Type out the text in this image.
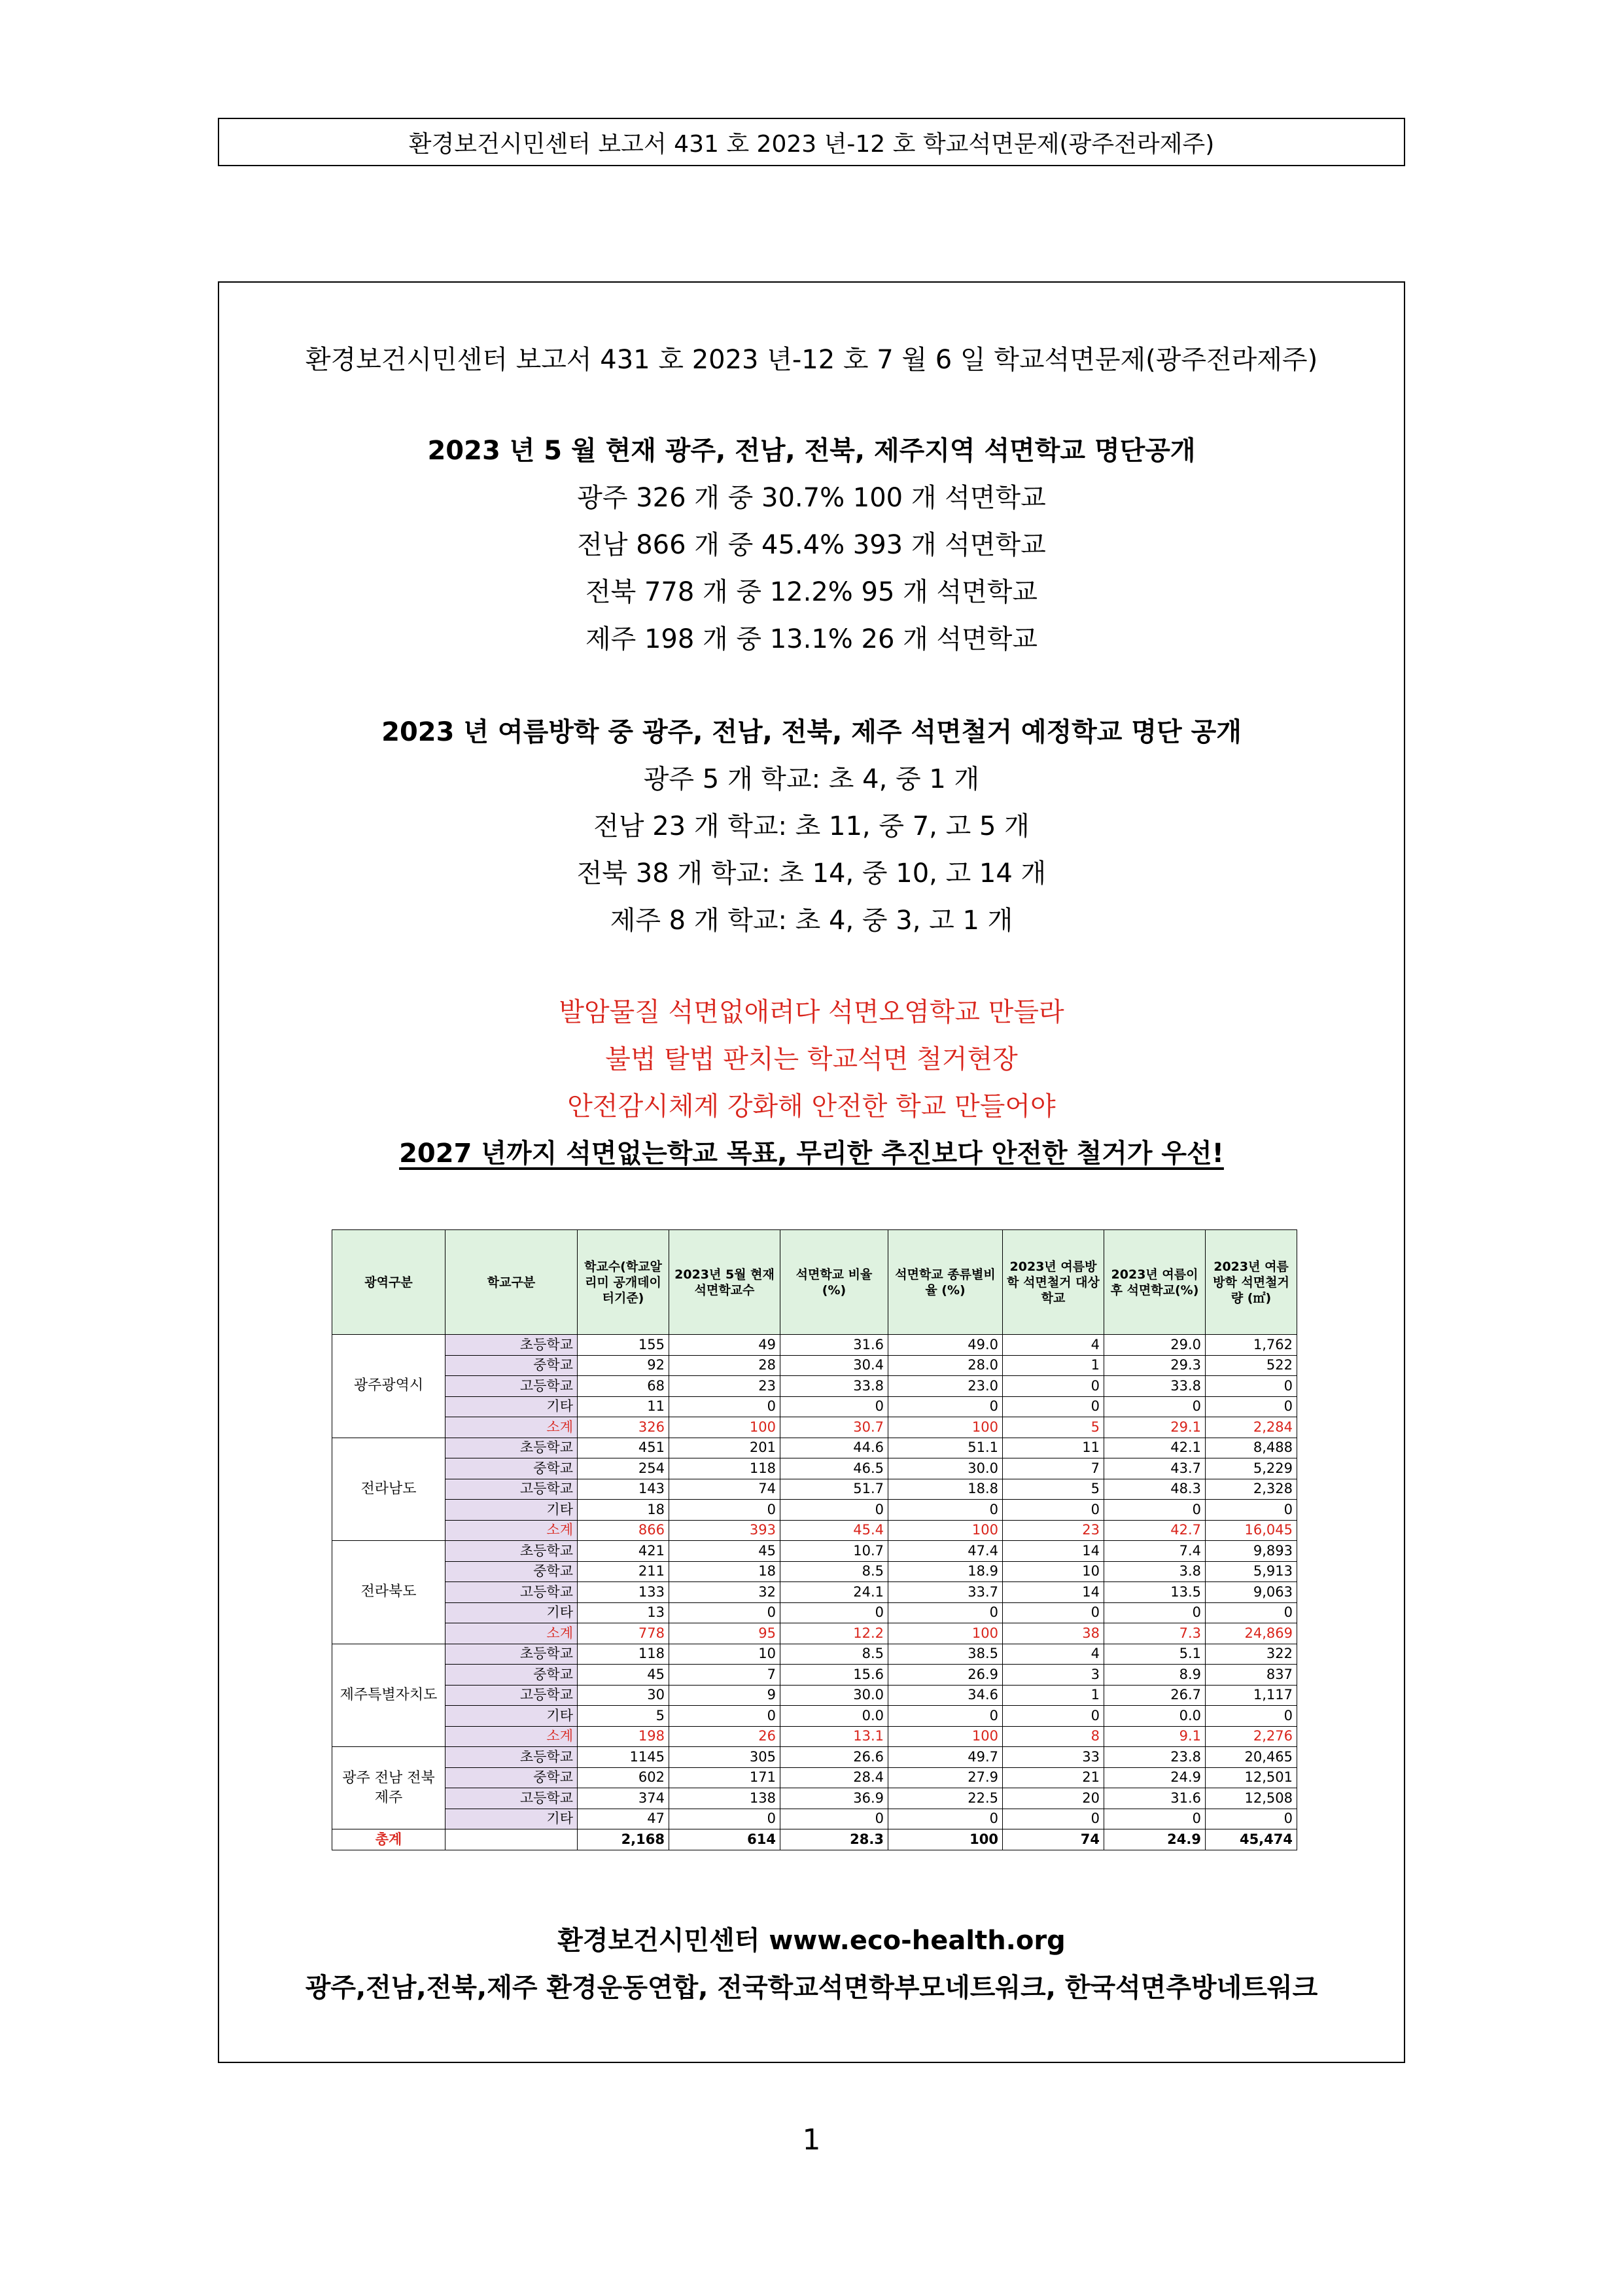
환경보건시민센터 보고서 431 호 2023 년-12 호 학교석면문제(광주전라제주)
환경보건시민센터 보고서 431 호 2023 년-12 호 7 월 6 일 학교석면문제(광주전라제주)
2023 년 5 월 현재 광주, 전남, 전북, 제주지역 석면학교 명단공개
광주 326 개 중 30.7% 100 개 석면학교
전남 866 개 중 45.4% 393 개 석면학교
전북 778 개 중 12.2% 95 개 석면학교
제주 198 개 중 13.1% 26 개 석면학교
2023 년 여름방학 중 광주, 전남, 전북, 제주 석면철거 예정학교 명단 공개
광주 5 개 학교: 초 4, 중 1 개
전남 23 개 학교: 초 11, 중 7, 고 5 개
전북 38 개 학교: 초 14, 중 10, 고 14 개
제주 8 개 학교: 초 4, 중 3, 고 1 개
발암물질 석면없애려다 석면오염학교 만들라
불법 탈법 판치는 학교석면 철거현장
안전감시체계 강화해 안전한 학교 만들어야
2027 년까지 석면없는학교 목표, 무리한 추진보다 안전한 철거가 우선!
광역구분	학교구분	학교수(학교알리미 공개데이터기준)	2023년 5월 현재 석면학교수	석면학교 비율(%)	석면학교 종류별비율 (%)	2023년 여름방학 석면철거 대상학교	2023년 여름이후 석면학교(%)	2023년 여름방학 석면철거량 (㎡)
광주광역시	초등학교	155	49	31.6	49.0	4	29.0	1,762
	중학교	92	28	30.4	28.0	1	29.3	522
	고등학교	68	23	33.8	23.0	0	33.8	0
	기타	11	0	0	0	0	0	0
	소계	326	100	30.7	100	5	29.1	2,284
전라남도	초등학교	451	201	44.6	51.1	11	42.1	8,488
	중학교	254	118	46.5	30.0	7	43.7	5,229
	고등학교	143	74	51.7	18.8	5	48.3	2,328
	기타	18	0	0	0	0	0	0
	소계	866	393	45.4	100	23	42.7	16,045
전라북도	초등학교	421	45	10.7	47.4	14	7.4	9,893
	중학교	211	18	8.5	18.9	10	3.8	5,913
	고등학교	133	32	24.1	33.7	14	13.5	9,063
	기타	13	0	0	0	0	0	0
	소계	778	95	12.2	100	38	7.3	24,869
제주특별자치도	초등학교	118	10	8.5	38.5	4	5.1	322
	중학교	45	7	15.6	26.9	3	8.9	837
	고등학교	30	9	30.0	34.6	1	26.7	1,117
	기타	5	0	0.0	0	0	0.0	0
	소계	198	26	13.1	100	8	9.1	2,276
광주 전남 전북 제주	초등학교	1145	305	26.6	49.7	33	23.8	20,465
	중학교	602	171	28.4	27.9	21	24.9	12,501
	고등학교	374	138	36.9	22.5	20	31.6	12,508
	기타	47	0	0	0	0	0	0
총계		2,168	614	28.3	100	74	24.9	45,474
환경보건시민센터 www.eco-health.org
광주,전남,전북,제주 환경운동연합, 전국학교석면학부모네트워크, 한국석면추방네트워크
1
